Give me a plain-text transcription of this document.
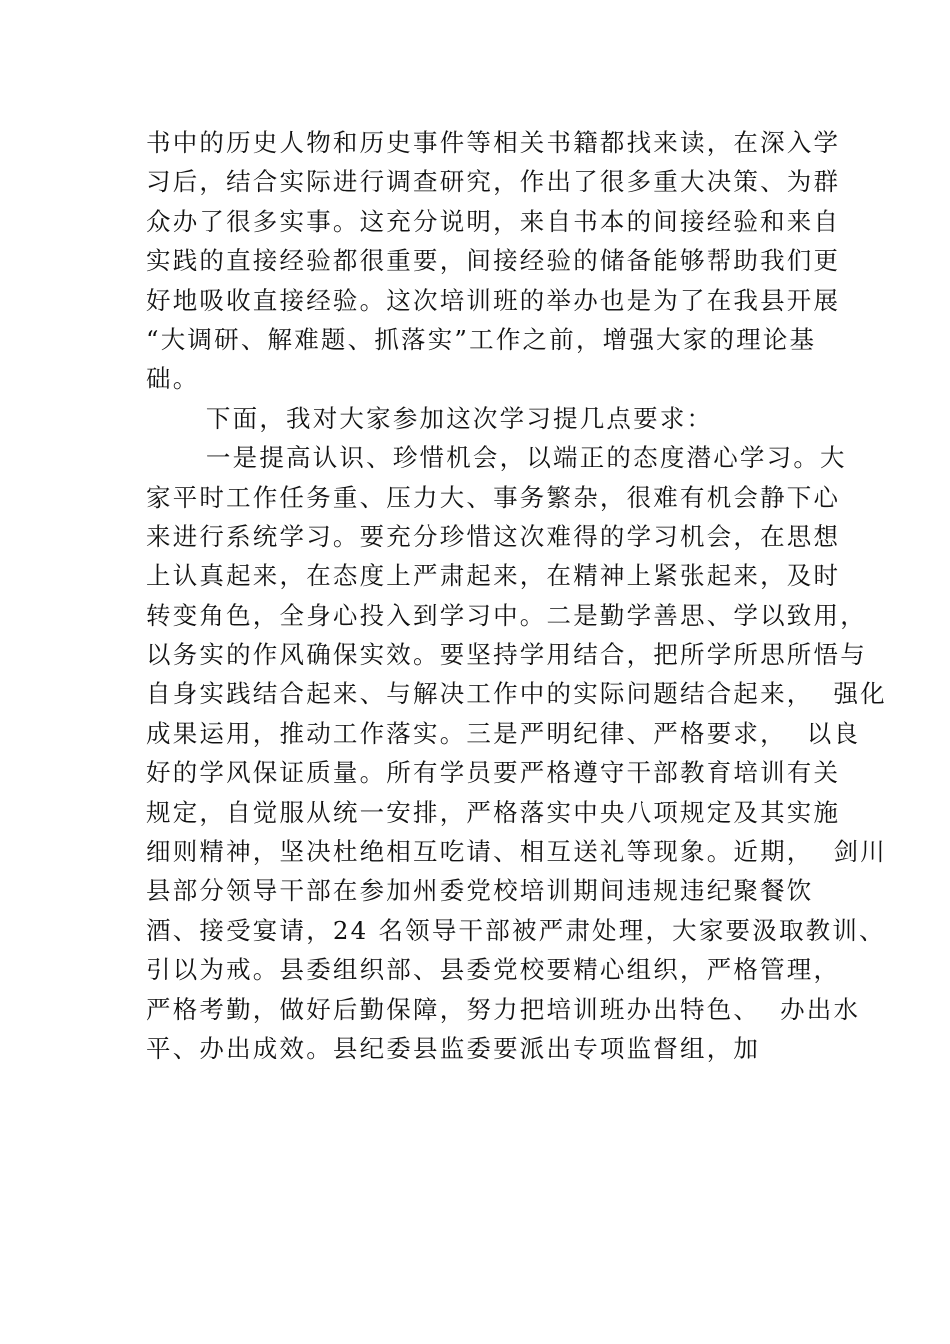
书中的历史人物和历史事件等相关书籍都找来读，在深入学
习后，结合实际进行调查研究，作出了很多重大决策、为群
众办了很多实事。这充分说明，来自书本的间接经验和来自
实践的直接经验都很重要，间接经验的储备能够帮助我们更
好地吸收直接经验。这次培训班的举办也是为了在我县开展
“大调研、解难题、抓落实”工作之前，增强大家的理论基
础。
下面，我对大家参加这次学习提几点要求：
一是提高认识、珍惜机会，以端正的态度潜心学习。大
家平时工作任务重、压力大、事务繁杂，很难有机会静下心
来进行系统学习。要充分珍惜这次难得的学习机会，在思想
上认真起来，在态度上严肃起来，在精神上紧张起来，及时
转变角色，全身心投入到学习中。二是勤学善思、学以致用，
以务实的作风确保实效。要坚持学用结合，把所学所思所悟与
自身实践结合起来、与解决工作中的实际问题结合起来，  强化
成果运用，推动工作落实。三是严明纪律、严格要求，  以良
好的学风保证质量。所有学员要严格遵守干部教育培训有关
规定，自觉服从统一安排，严格落实中央八项规定及其实施
细则精神，坚决杜绝相互吃请、相互送礼等现象。近期，  剑川
县部分领导干部在参加州委党校培训期间违规违纪聚餐饮
酒、接受宴请，24 名领导干部被严肃处理，大家要汲取教训、
引以为戒。县委组织部、县委党校要精心组织，严格管理，
严格考勤，做好后勤保障，努力把培训班办出特色、  办出水
平、办出成效。县纪委县监委要派出专项监督组，加
